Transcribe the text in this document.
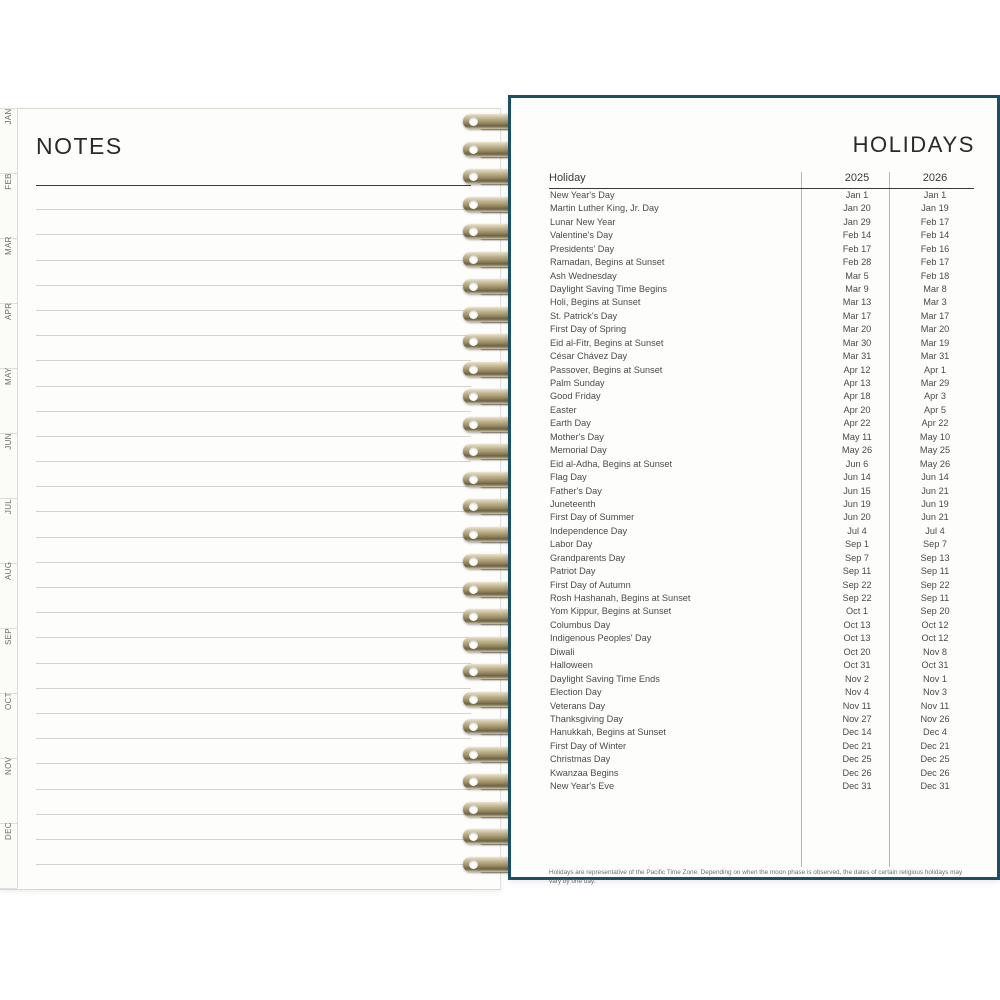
NOTES
JAN
FEB
MAR
APR
MAY
JUN
JUL
AUG
SEP
OCT
NOV
DEC
HOLIDAYS
Holiday	2025	2026
New Year's Day	Jan 1	Jan 1
Martin Luther King, Jr. Day	Jan 20	Jan 19
Lunar New Year	Jan 29	Feb 17
Valentine's Day	Feb 14	Feb 14
Presidents' Day	Feb 17	Feb 16
Ramadan, Begins at Sunset	Feb 28	Feb 17
Ash Wednesday	Mar 5	Feb 18
Daylight Saving Time Begins	Mar 9	Mar 8
Holi, Begins at Sunset	Mar 13	Mar 3
St. Patrick's Day	Mar 17	Mar 17
First Day of Spring	Mar 20	Mar 20
Eid al-Fitr, Begins at Sunset	Mar 30	Mar 19
César Chávez Day	Mar 31	Mar 31
Passover, Begins at Sunset	Apr 12	Apr 1
Palm Sunday	Apr 13	Mar 29
Good Friday	Apr 18	Apr 3
Easter	Apr 20	Apr 5
Earth Day	Apr 22	Apr 22
Mother's Day	May 11	May 10
Memorial Day	May 26	May 25
Eid al-Adha, Begins at Sunset	Jun 6	May 26
Flag Day	Jun 14	Jun 14
Father's Day	Jun 15	Jun 21
Juneteenth	Jun 19	Jun 19
First Day of Summer	Jun 20	Jun 21
Independence Day	Jul 4	Jul 4
Labor Day	Sep 1	Sep 7
Grandparents Day	Sep 7	Sep 13
Patriot Day	Sep 11	Sep 11
First Day of Autumn	Sep 22	Sep 22
Rosh Hashanah, Begins at Sunset	Sep 22	Sep 11
Yom Kippur, Begins at Sunset	Oct 1	Sep 20
Columbus Day	Oct 13	Oct 12
Indigenous Peoples' Day	Oct 13	Oct 12
Diwali	Oct 20	Nov 8
Halloween	Oct 31	Oct 31
Daylight Saving Time Ends	Nov 2	Nov 1
Election Day	Nov 4	Nov 3
Veterans Day	Nov 11	Nov 11
Thanksgiving Day	Nov 27	Nov 26
Hanukkah, Begins at Sunset	Dec 14	Dec 4
First Day of Winter	Dec 21	Dec 21
Christmas Day	Dec 25	Dec 25
Kwanzaa Begins	Dec 26	Dec 26
New Year's Eve	Dec 31	Dec 31
Holidays are representative of the Pacific Time Zone. Depending on when the moon phase is observed, the dates of certain religious holidays may vary by one day.
